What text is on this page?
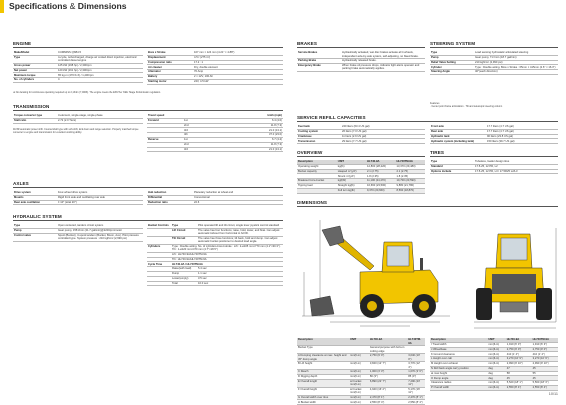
Specifications & Dimensions
ENGINE
Make/Model	CUMMINS QSB4.5
Type	4-cycle, turbocharged, charge air cooled direct injection, electronic controlled diesel engine
Gross power	125 kW (168 hp) / 2,300rpm
Net power	120 kW (161 hp) / 2,300rpm
Maximum torque	65 kg·m (470 lb·ft) / 1,400rpm
No. of cylinders	4
Bore x Stroke	107 mm × 124 mm (4.21" × 4.88")
Displacement	4.5 ℓ (275 in³)
Compression ratio	17.2 : 1
Air cleaner	Dry, double element
Alternator	70 Amp
Battery	2 × 12V, 100 Ah
Starting motor	24V, 4.5 kW
★ No derating for continuous operating required up to 2,134m (7,000ft). The engine meets the EPA Tier 3/EU Stage 3A Emission regulation.
TRANSMISSION
Torque converter type	3-element, single-stage, single-phase
Stall ratio	2.72 (2.0 Tiers)
4F/3R automatic power shift. Countershaft type with soft-shift, kick down and range selection. Properly matched torque converter to engine and transmission for excellent working ability.
Travel speed		km/h (mph)
Forward	1st	6.4 (4.0)
	2nd	11.8 (7.3)
	3rd	21.0 (13.1)
	4th	37.0 (23.0)
Reverse	1st	6.7 (4.2)
	2nd	11.8 (7.3)
	3rd	21.0 (13.1)
AXLES
Drive system	Four-wheel drive system
Mounts	Rigid front axle and oscillating rear axle
Rear axle oscillation	± 10° (total 20°)
Hub reduction	Planetary reduction at wheel end
Differential	Conventional
Reduction ratio	22.6
HYDRAULIC SYSTEM
Type	Open centered, tandem circuit system
Pump	Gear pump, 158 l/min (41.7 gal/min)@2200rpm/motor
Control valve	Spool (Bucket), 3-spool tandem (Bucket, Boom, Aux). Pilot pressure controlled type. System pressure : 210 kgf/cm² (2,990 psi)
Bucket Controls	Type	Pilot operated lift and tilt circuit, single lever joystick control standard
	Lift Circuit	The valve has four functions; raise, hold, lower, and float. Can adjust automatic kickout from horizontal to full lift.
	Tilt Circuit	The valve has three functions; tilt back, hold and dump. Can adjust automatic bucket positioner to desired load angle.
Cylinders	Type : Double acting. No. of cylinders-bore×stroke : Lift : 2-ø105 mm×770 mm (4.1"×30.3"). Tilt : 1-ø120 mm×470 mm (4.7"×18.5")	
	Lift : HL740-9A/HL740TM-9A	
	Tilt : HL740-9A/HL740TM-9A	
Cycle Time	HL740-9A / HL740TM-9A	
	Raise(with load)	5.4 sec
	Dump	1.1 sec
	Lower(empty)	3.5 sec
	Total	10.0 sec
BRAKES
Service Brakes	Hydraulically actuated, wet disc brakes actuate all 4 wheels, independent axle-by-axle system, self-adjusting, no bleed brake.
Parking Brake	Hydraulically released brake.
Emergency Brake	When brake oil pressure drops, indicator light alerts operator and parking brake automatically applies.
STEERING SYSTEM
Type	Load sensing hydrostatic articulated steering
Pump	Gear pump, 71 l/min (18.7 gal/min)
Relief Valve Setting	210 kgf/cm² (2,990 psi)
Cylinder	Type : Double acting. Bore x Stroke : 65mm × 415mm (2.6" × 16.3")
Steering Angle	40°(each direction)
Features
· Center point frame articulation · Tilt and telescopic steering column
SERVICE REFILL CAPACITIES
Fuel tank	240 liters (63.4 US gal)
Cooling system	26 liters (7.0 US gal)
Crankcase	11 liters (2.9 US gal)
Transmission	29 liters (7.7 US gal)
Front axle	17.7 liters (4.7 US gal)
Rear axle	17.7 liters (4.7 US gal)
Hydraulic tank	90 liters (23.8 US gal)
Hydraulic system (including tank)	150 liters (39.7 US gal)
OVERVIEW
Description	UNIT	HL740-9A	HL740TM-9A
Operating weight	kg(lb)	12,800 (28,220)	13,370 (29,480)
Bucket capacity	Heaped m³(yd³)	2.1 (2.75)	2.1 (2.75)
	Struck m³(yd³)	1.8 (2.35)	1.8 (2.35)
Breakout force-bucket	kgf(lbf)	11,100 (24,470)	10,700 (23,590)
Tipping load	Straight kg(lb)	10,660 (23,500)	9,880 (21,780)
	Full turn kg(lb)	9,370 (20,660)	8,560 (18,870)
TIRES
Type	Tubeless, loader design tires
Standard	17.5-25, 12 PR, L2
Options include	17.5-25, 12 PR, L3 / 17.5R25 L2/L3
DIMENSIONS
Description	UNIT	HL740-9A	HL740TM-9A
Bucket Type		General purpose with bolt-on cutting edge	
A Dumping clearance at max. height and 45° dump angle	mm(ft-in)	2,750 (9' 0")	3,040 (10' 0")
B Lift height	mm(ft-in)	3,840 (12' 7")	3,770 (12' 4")
C Reach	mm(ft-in)	1,000 (3' 3")	1,070 (3' 6")
D Digging depth	mm(ft-in)	80 (3")	85 (3")
E Overall length	w/ bucket mm(ft-in)	6,890 (22' 7")	7,290 (23' 11")
F Overall height	w/ bucket mm(ft-in)	4,940 (16' 2")	5,170 (16' 11")
G Overall width over tires	mm(ft-in)	2,470 (8' 1")	2,470 (8' 1")
H Bucket width	mm(ft-in)	2,550 (8' 4")	2,550 (8' 4")
Description	UNIT	HL740-9A	HL740TM-9A
I Tread width	mm(ft-in)	1,910 (6' 3")	1,910 (6' 3")
J Wheelbase	mm(ft-in)	2,750 (9' 0")	2,750 (9' 0")
K Ground clearance	mm(ft-in)	410 (1' 4")	410 (1' 4")
L Height over cab	mm(ft-in)	3,270 (10' 9")	3,270 (10' 9")
M Height over exhaust	mm(ft-in)	2,990 (9' 10")	2,990 (9' 10")
N Roll back angle carry position	deg	47	45
at max height	deg	58	55
O Dump angle	deg	45	45
Clearance radius	mm(ft-in)	5,520 (18' 1")	5,560 (18' 3")
P Overall width	mm(ft-in)	2,550 (8' 4")	2,550 (8' 4")
10/11
